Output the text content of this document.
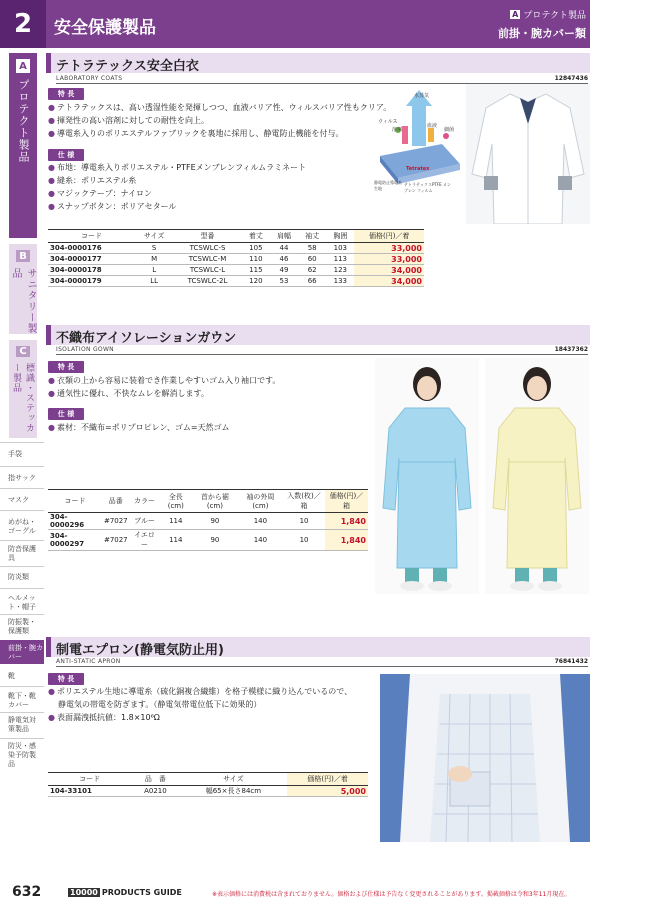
2	安全保護製品
A プロテクト製品
前掛・腕カバー類
A
プロテクト製品
B
サニタリー製品
C
標識・ステッカー製品
手袋
指サック
マスク
めがね・ゴーグル
防音保護具
防炎類
ヘルメット・帽子
防振製・保護類
前掛・腕カバー
靴
靴下・靴カバー
静電気対策製品
防災・感染予防製品
テトラテックス安全白衣
LABORATORY COATS	12847436
特 長
● テトラテックスは、高い透湿性能を発揮しつつ、血液バリア性、ウィルスバリア性もクリア。
● 揮発性の高い溶剤に対しての耐性を向上。
● 導電糸入りのポリエステルファブリックを裏地に採用し、静電防止機能を付与。
仕 様
● 布地：導電糸入りポリエステル・PTFEメンブレンフィルムラミネート
● 縫糸：ポリエステル糸
● マジックテープ：ナイロン
● スナップボタン：ポリアセタール
水蒸気
ウィルス
溶剤
血液
細菌
Tetratex
静電防止導電糸生地
テトラテックスPTFE メンブレン フィルム
コード	サイズ	型番	着丈	肩幅	袖丈	胸囲	価格(円)／着
304-0000176	S	TCSWLC-S	105	44	58	103	33,000
304-0000177	M	TCSWLC-M	110	46	60	113	33,000
304-0000178	L	TCSWLC-L	115	49	62	123	34,000
304-0000179	LL	TCSWLC-2L	120	53	66	133	34,000
不織布アイソレーションガウン
ISOLATION GOWN	18437362
特 長
● 衣類の上から容易に装着でき作業しやすいゴム入り袖口です。
● 通気性に優れ、不快なムレを解消します。
仕 様
● 素材：不織布=ポリプロピレン、ゴム=天然ゴム
コード	品番	カラー	全長(cm)	首から裾(cm)	袖の外周(cm)	入数(枚)／箱	価格(円)／箱
304-0000296	#7027	ブルー	114	90	140	10	1,840
304-0000297	#7027	イエロー	114	90	140	10	1,840
制電エプロン(静電気防止用)
ANTI-STATIC APRON	76841432
特 長
● ポリエステル生地に導電糸（硫化銅複合繊維）を格子模様に織り込んでいるので、
静電気の帯電を防ぎます。（静電気帯電位低下に効果的）
● 表面漏洩抵抗値：1.8×10⁶Ω
コード	品　番	サイズ	価格(円)／着
104-33101	A0210	幅65×長さ84cm	5,000
632	10000 PRODUCTS GUIDE	※表示価格には消費税は含まれておりません。価格および仕様は予告なく変更されることがあります。掲載価格は令和3年11月現在。
